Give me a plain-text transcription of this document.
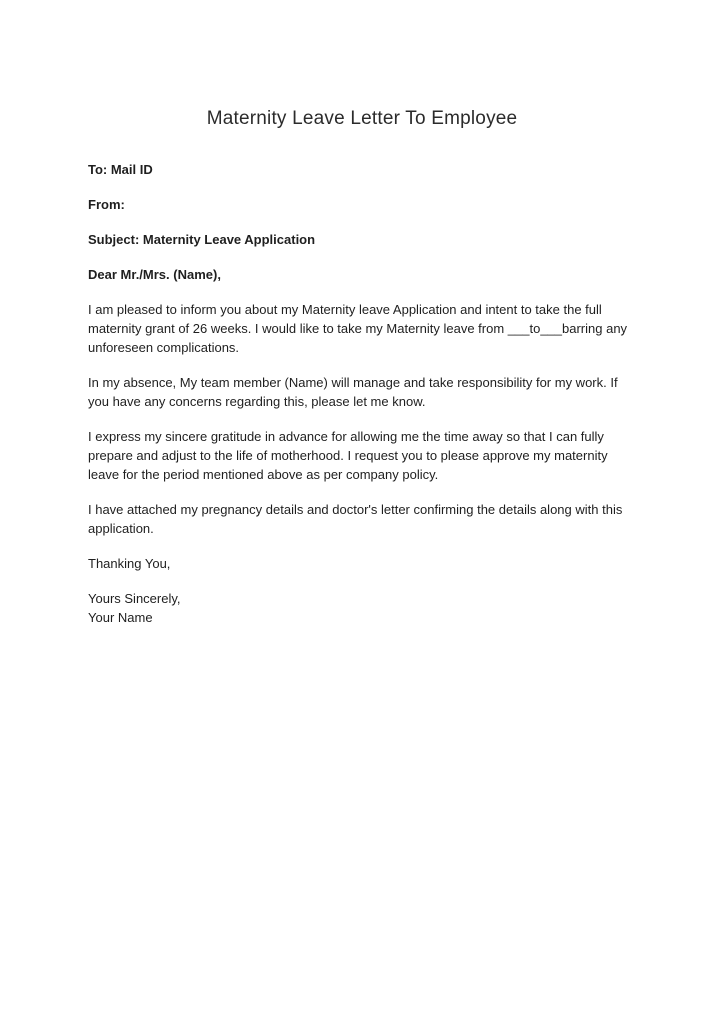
Maternity Leave Letter To Employee

To: Mail ID

From:

Subject: Maternity Leave Application

Dear Mr./Mrs. (Name),

I am pleased to inform you about my Maternity leave Application and intent to take the full maternity grant of 26 weeks. I would like to take my Maternity leave from ___to___barring any unforeseen complications.

In my absence, My team member (Name) will manage and take responsibility for my work. If you have any concerns regarding this, please let me know.

I express my sincere gratitude in advance for allowing me the time away so that I can fully prepare and adjust to the life of motherhood. I request you to please approve my maternity leave for the period mentioned above as per company policy.

I have attached my pregnancy details and doctor's letter confirming the details along with this application.

Thanking You,

Yours Sincerely,

Your Name
